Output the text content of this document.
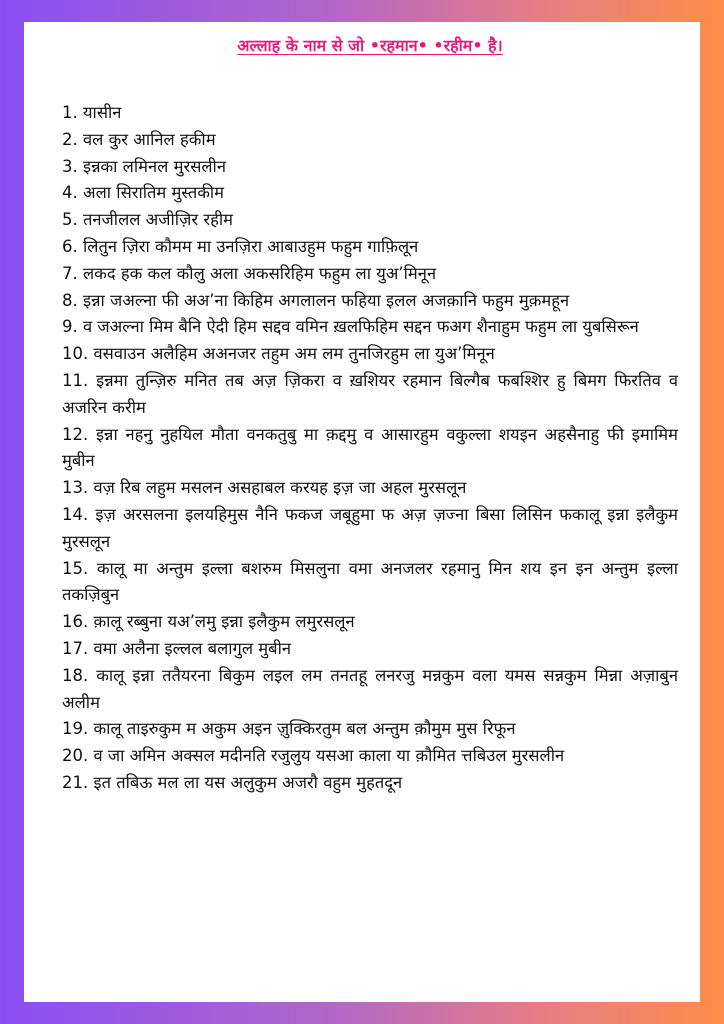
अल्लाह के नाम से जो •रहमान• •रहीम• है।
1. यासीन
2. वल कुर आनिल हकीम
3. इन्नका लमिनल मुरसलीन
4. अला सिरातिम मुस्तकीम
5. तनजीलल अजीज़िर रहीम
6. लितुन ज़िरा कौमम मा उनज़िरा आबाउहुम फहुम गाफ़िलून
7. लकद हक कल कौलु अला अकसरिहिम फहुम ला युअ’मिनून
8. इन्ना जअल्ना फी अअ’ना किहिम अगलालन फहिया इलल अजक़ानि फहुम मुक़महून
9. व जअल्ना मिम बैनि ऐदी हिम सद्दव वमिन ख़लफिहिम सद्दन फअग शैनाहुम फहुम ला युबसिरून
10. वसवाउन अलैहिम अअनजर तहुम अम लम तुनजिरहुम ला युअ’मिनून
11. इन्नमा तुन्ज़िरु मनित तब अज़ ज़िकरा व ख़शियर रहमान बिल्गैब फबश्शिर हु बिमग फिरतिव व अजरिन करीम
12. इन्ना नहनु नुहयिल मौता वनकतुबु मा क़द्दमु व आसारहुम वकुल्ला शयइन अहसैनाहु फी इमामिम मुबीन
13. वज़ रिब लहुम मसलन असहाबल करयह इज़ जा अहल मुरसलून
14. इज़ अरसलना इलयहिमुस नैनि फकज जबूहुमा फ अज़ ज़ज्ना बिसा लिसिन फकालू इन्ना इलैकुम मुरसलून
15. कालू मा अन्तुम इल्ला बशरुम मिसलुना वमा अनजलर रहमानु मिन शय इन इन अन्तुम इल्ला तकज़िबुन
16. क़ालू रब्बुना यअ’लमु इन्ना इलैकुम लमुरसलून
17. वमा अलैना इल्लल बलागुल मुबीन
18. कालू इन्ना ततैयरना बिकुम लइल लम तनतहू लनरजु मन्नकुम वला यमस सन्नकुम मिन्ना अज़ाबुन अलीम
19. कालू ताइरुकुम म अकुम अइन ज़ुक्किरतुम बल अन्तुम क़ौमुम मुस रिफून
20. व जा अमिन अक्सल मदीनति रजुलुय यसआ काला या क़ौमित त्तबिउल मुरसलीन
21. इत तबिऊ मल ला यस अलुकुम अजरौ वहुम मुहतदून
